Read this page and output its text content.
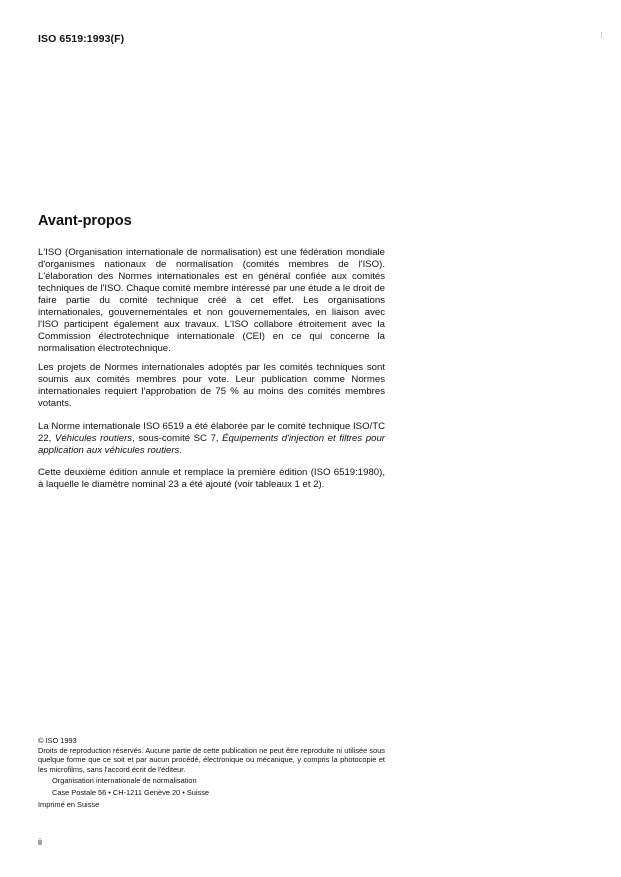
ISO 6519:1993(F)
Avant-propos

L'ISO (Organisation internationale de normalisation) est une fédération mondiale d'organismes nationaux de normalisation (comités membres de l'ISO). L'élaboration des Normes internationales est en général confiée aux comités techniques de l'ISO. Chaque comité membre intéressé par une étude a le droit de faire partie du comité technique créé à cet effet. Les organisations internationales, gouvernementales et non gouvernementales, en liaison avec l'ISO participent également aux travaux. L'ISO collabore étroitement avec la Commission électrotechnique internationale (CEI) en ce qui concerne la normalisation électrotechnique.

Les projets de Normes internationales adoptés par les comités techniques sont soumis aux comités membres pour vote. Leur publication comme Normes internationales requiert l'approbation de 75 % au moins des comités membres votants.

La Norme internationale ISO 6519 a été élaborée par le comité technique ISO/TC 22, Véhicules routiers, sous-comité SC 7, Équipements d'injection et filtres pour application aux véhicules routiers.

Cette deuxième édition annule et remplace la première édition (ISO 6519:1980), à laquelle le diamètre nominal 23 a été ajouté (voir tableaux 1 et 2).

© ISO 1993

Droits de reproduction réservés. Aucune partie de cette publication ne peut être reproduite ni utilisée sous quelque forme que ce soit et par aucun procédé, électronique ou mécanique, y compris la photocopie et les microfilms, sans l'accord écrit de l'éditeur.

Organisation internationale de normalisation

Case Postale 56 • CH-1211 Genève 20 • Suisse

Imprimé en Suisse

ii
